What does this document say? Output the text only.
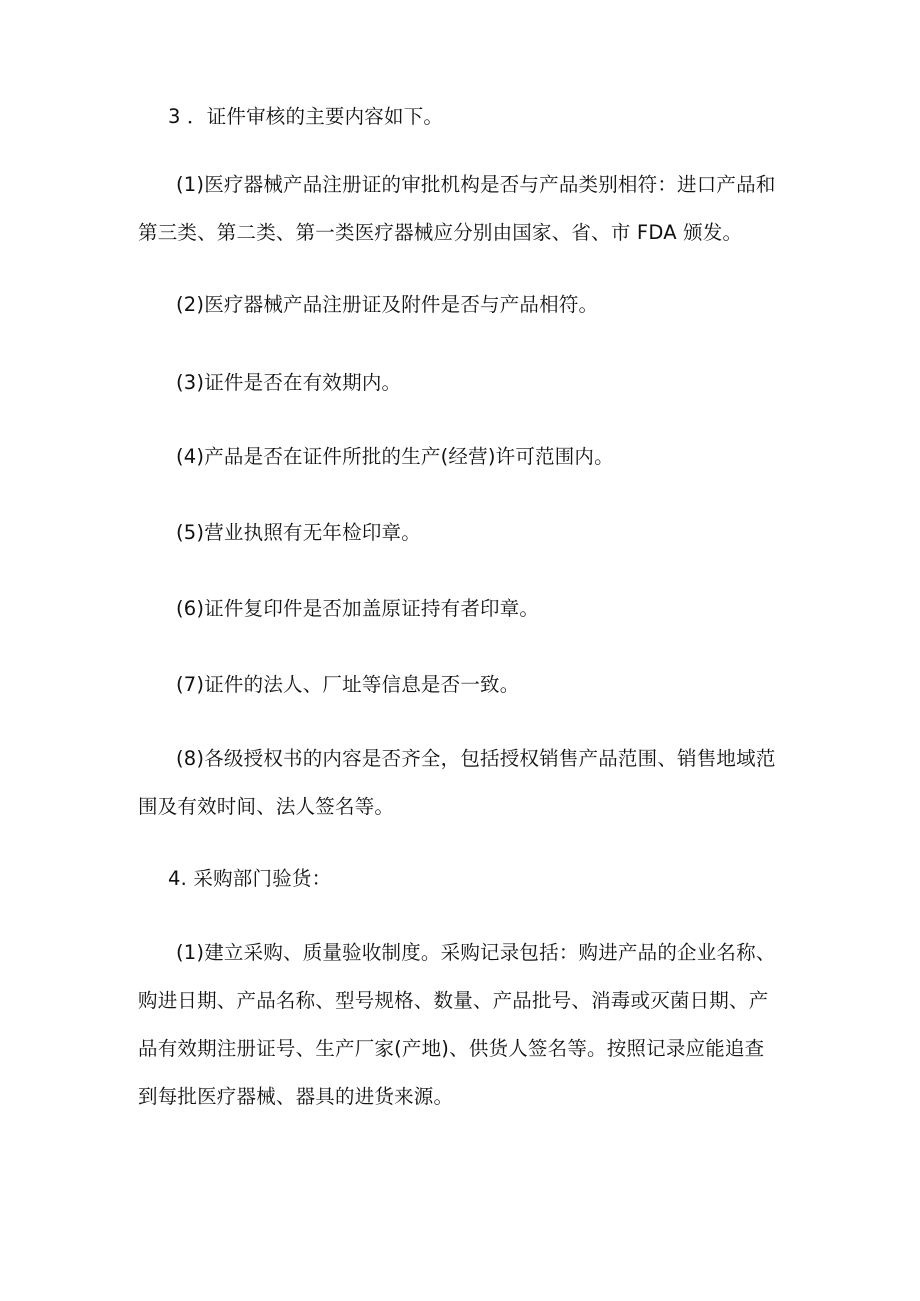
3 ．证件审核的主要内容如下。

(1)医疗器械产品注册证的审批机构是否与产品类别相符：进口产品和

第三类、第二类、第一类医疗器械应分别由国家、省、市 FDA 颁发。

(2)医疗器械产品注册证及附件是否与产品相符。

(3)证件是否在有效期内。

(4)产品是否在证件所批的生产(经营)许可范围内。

(5)营业执照有无年检印章。

(6)证件复印件是否加盖原证持有者印章。

(7)证件的法人、厂址等信息是否一致。

(8)各级授权书的内容是否齐全，包括授权销售产品范围、销售地域范

围及有效时间、法人签名等。

4. 采购部门验货：

(1)建立采购、质量验收制度。采购记录包括：购进产品的企业名称、

购进日期、产品名称、型号规格、数量、产品批号、消毒或灭菌日期、产

品有效期注册证号、生产厂家(产地)、供货人签名等。按照记录应能追查

到每批医疗器械、器具的进货来源。
